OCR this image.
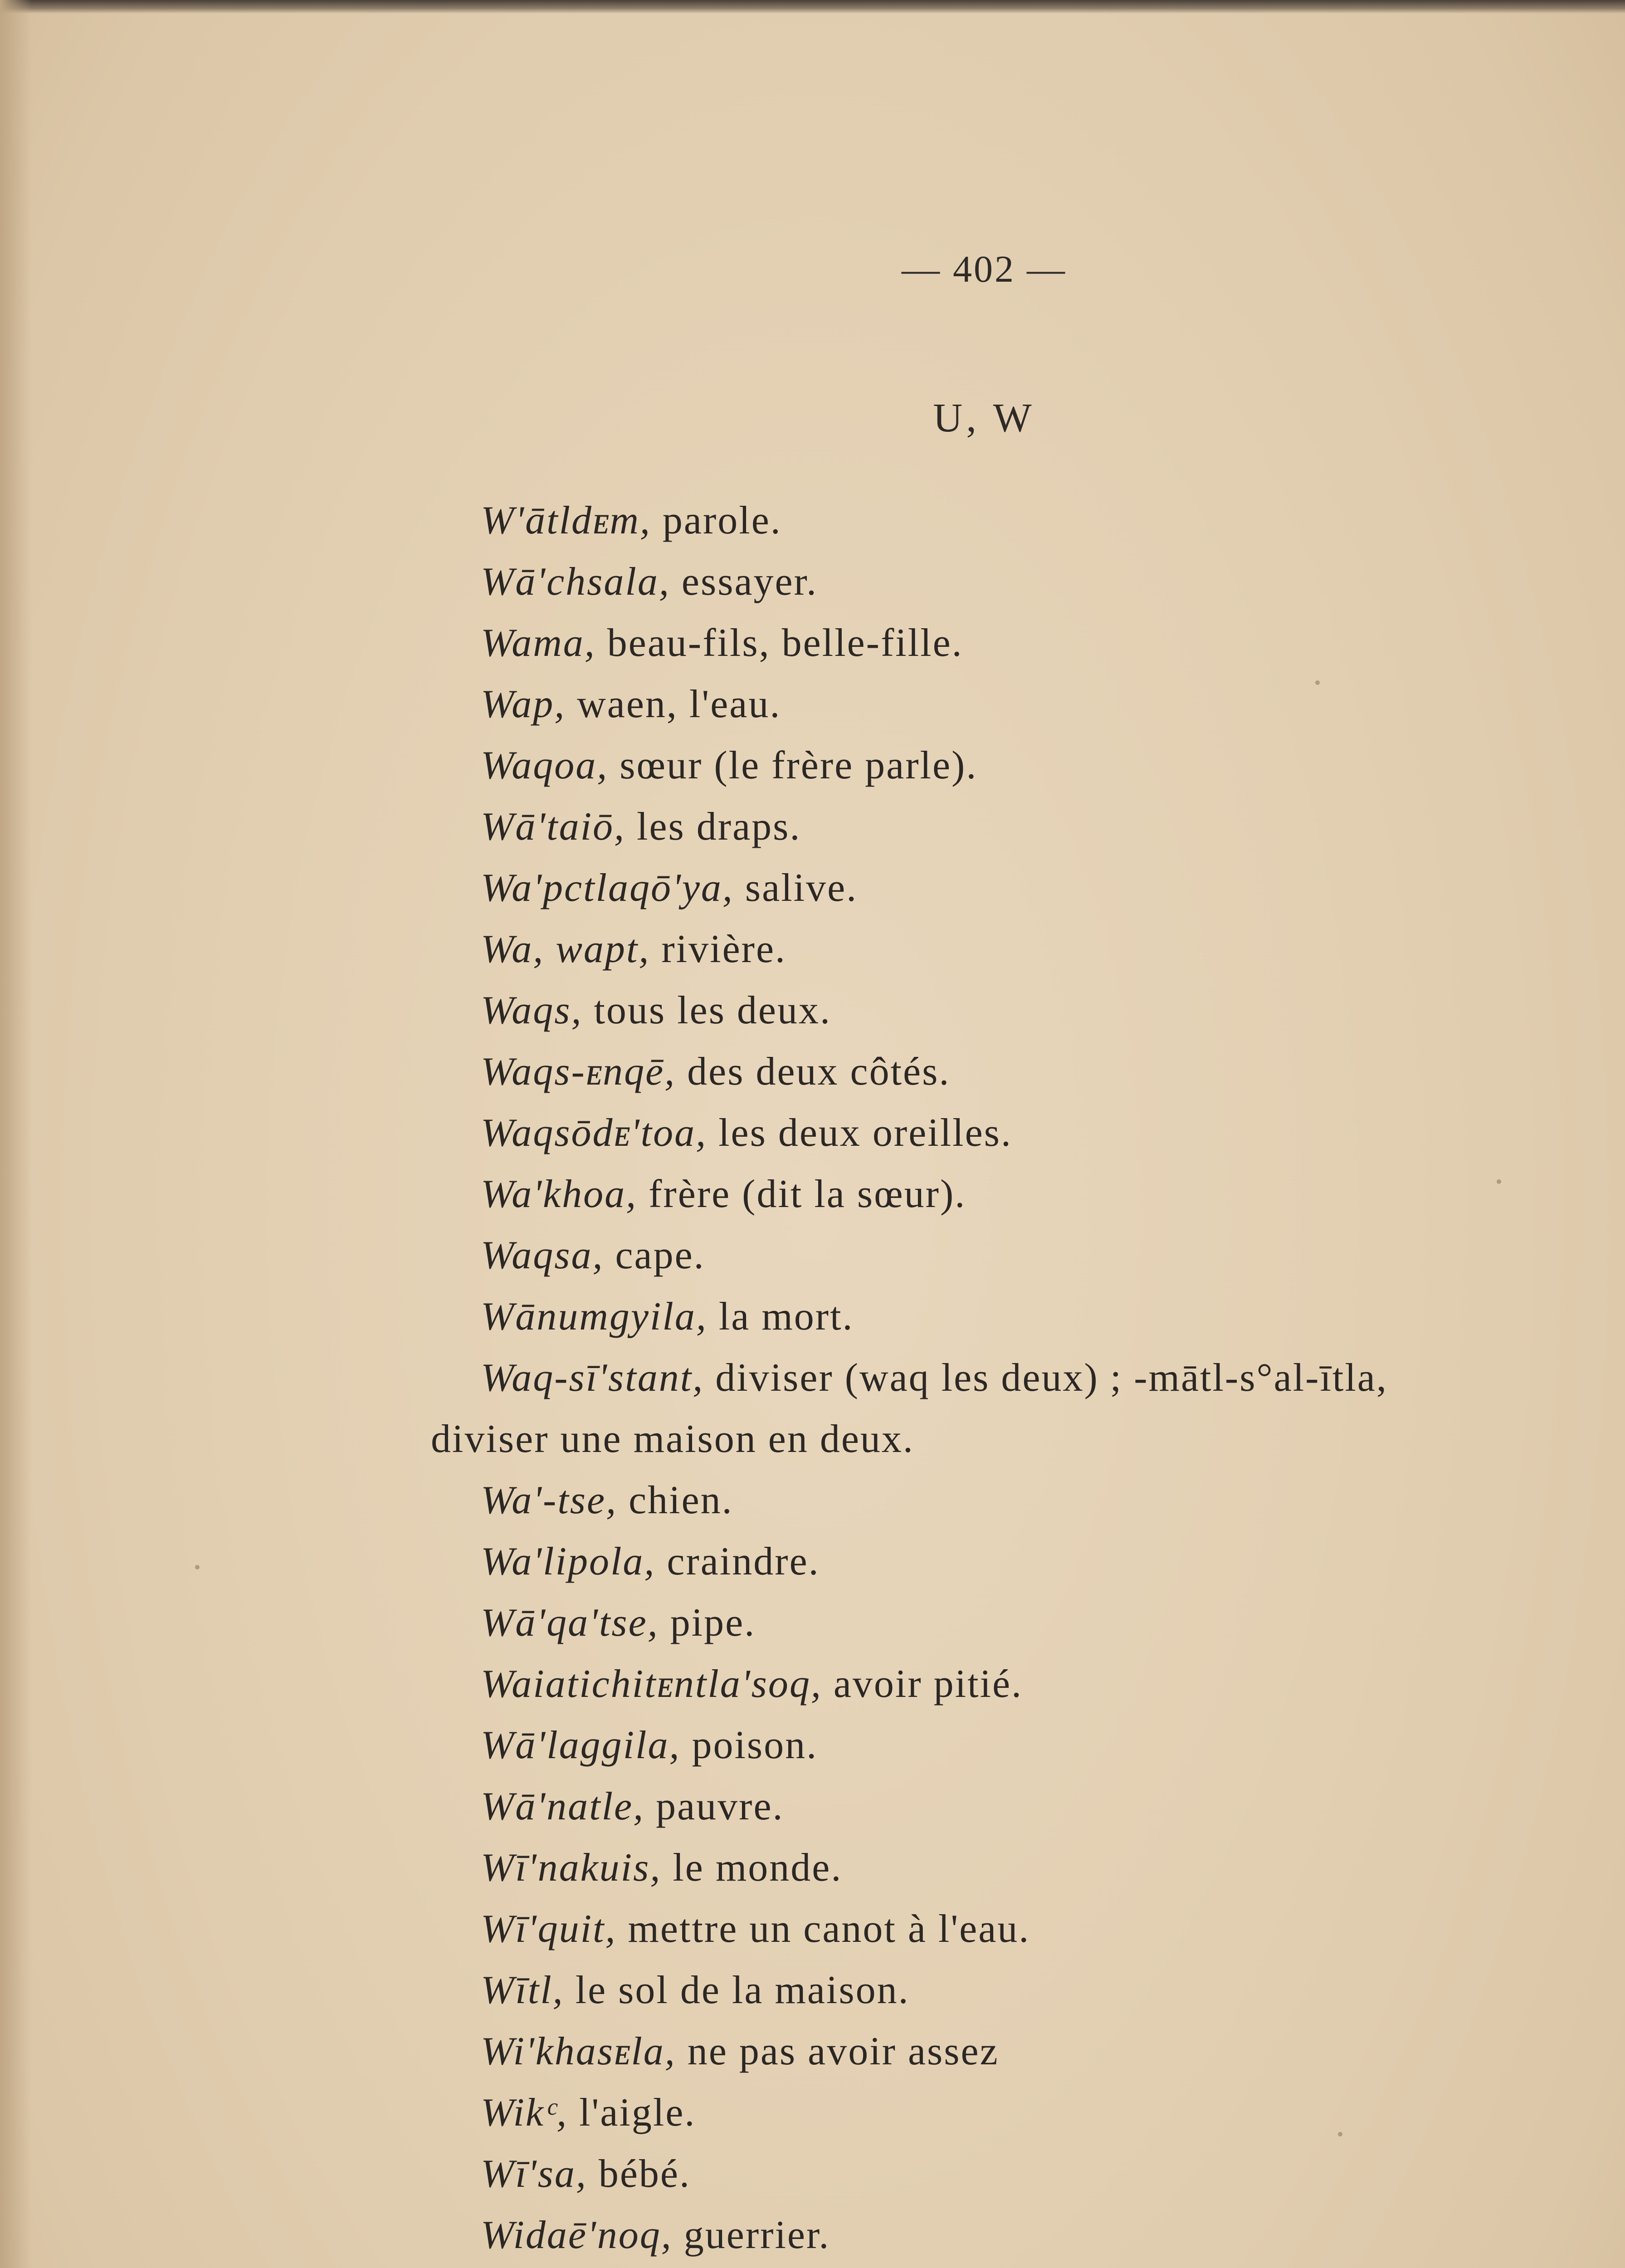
— 402 —
U, W
W'ātldᴇm, parole.
Wā'chsala, essayer.
Wama, beau-fils, belle-fille.
Wap, waen, l'eau.
Waqoa, sœur (le frère parle).
Wā'taiō, les draps.
Wa'pctlaqō'ya, salive.
Wa, wapt, rivière.
Waqs, tous les deux.
Waqs-ᴇnqē, des deux côtés.
Waqsōdᴇ'toa, les deux oreilles.
Wa'khoa, frère (dit la sœur).
Waqsa, cape.
Wānumgyila, la mort.
Waq-sī'stant, diviser (waq les deux) ; -mātl-s°al-ītla,
diviser une maison en deux.
Wa'-tse, chien.
Wa'lipola, craindre.
Wā'qa'tse, pipe.
Waiatichitᴇntla'soq, avoir pitié.
Wā'laggila, poison.
Wā'natle, pauvre.
Wī'nakuis, le monde.
Wī'quit, mettre un canot à l'eau.
Wītl, le sol de la maison.
Wi'khasᴇla, ne pas avoir assez
Wikᶜ, l'aigle.
Wī'sa, bébé.
Widaē'noq, guerrier.
